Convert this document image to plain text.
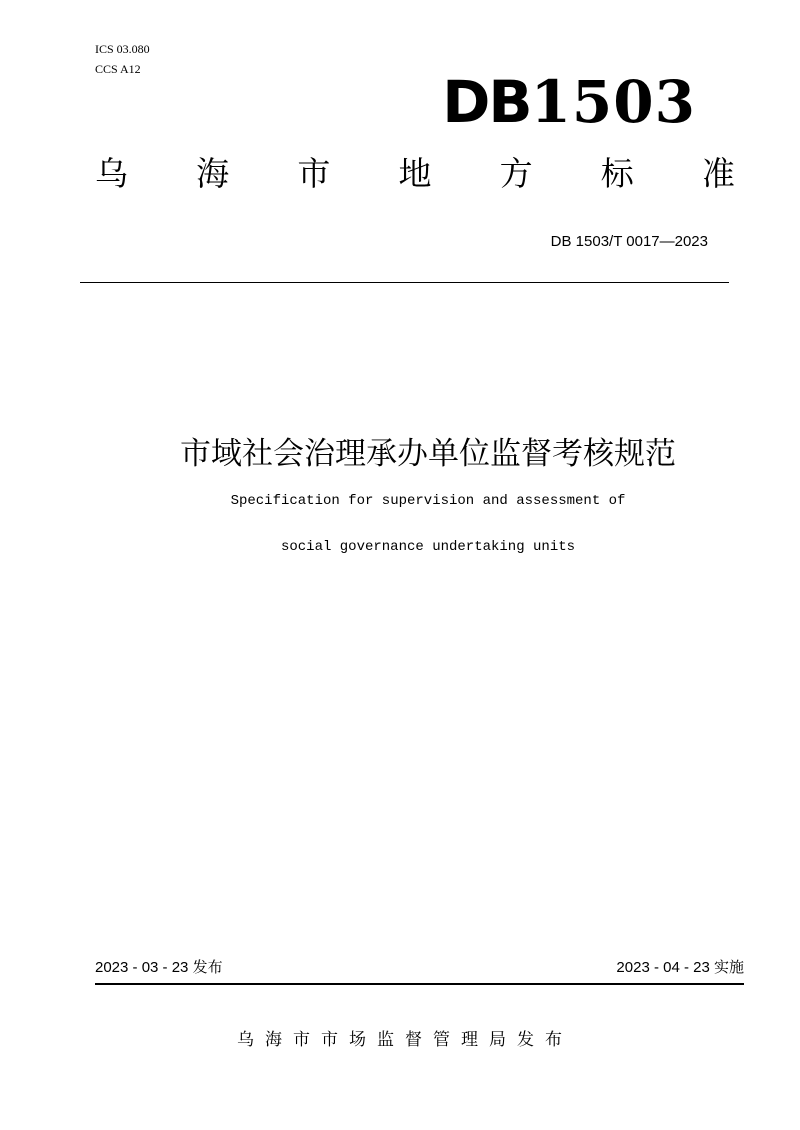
ICS 03.080
CCS A12	DB1503
乌 海 市 地 方 标 准
DB 1503/T 0017—2023
市域社会治理承办单位监督考核规范
Specification for supervision and assessment of
social governance undertaking units
2023 - 03 - 23 发布	2023 - 04 - 23 实施
乌海市市场监督管理局发布
